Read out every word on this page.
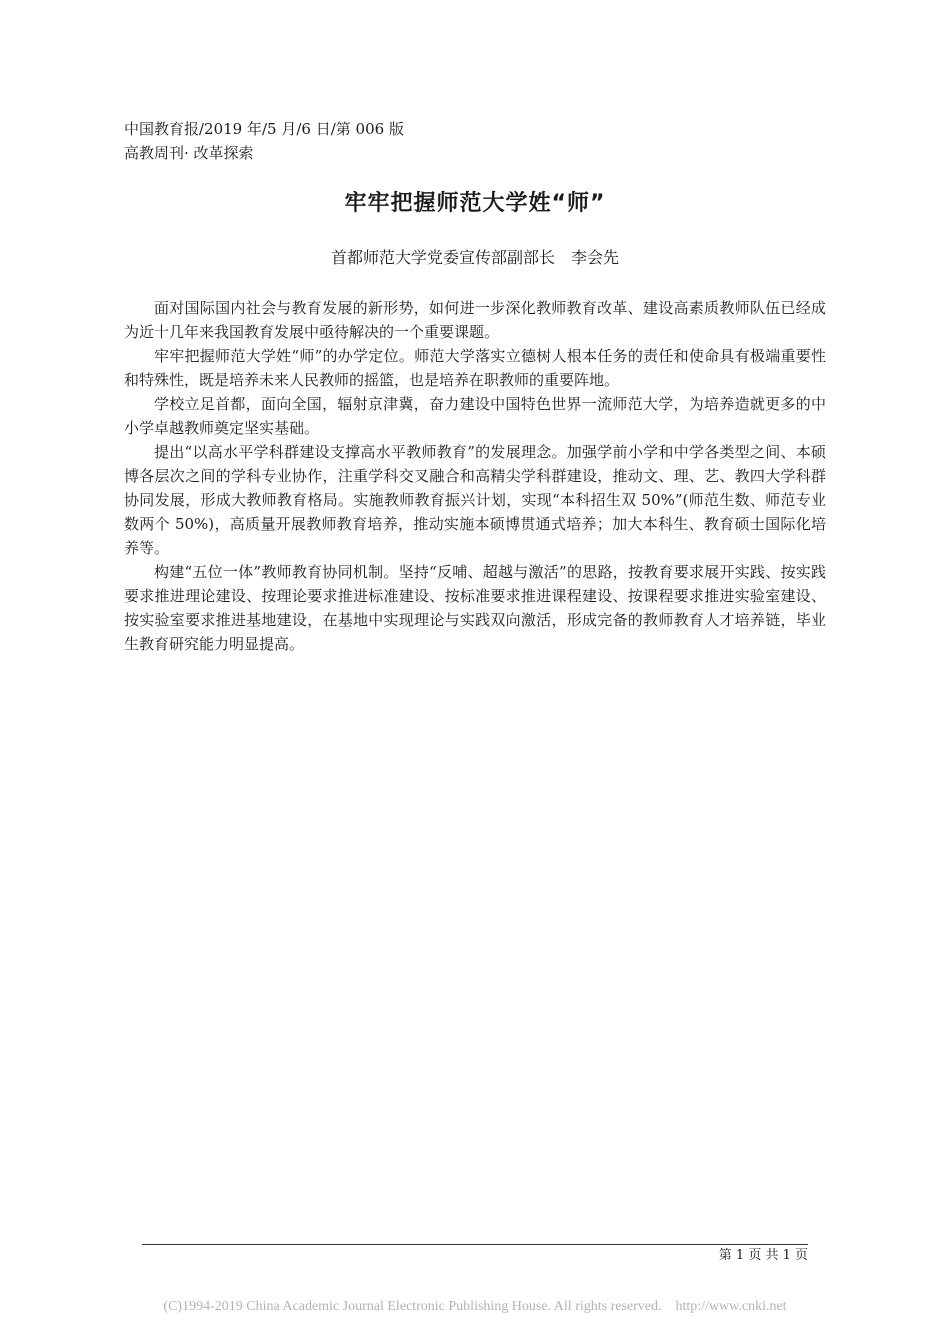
中国教育报/2019 年/5 月/6 日/第 006 版
高教周刊· 改革探索
牢牢把握师范大学姓“师”
首都师范大学党委宣传部副部长　李会先

面对国际国内社会与教育发展的新形势，如何进一步深化教师教育改革、建设高素质教师队伍已经成为近十几年来我国教育发展中亟待解决的一个重要课题。

牢牢把握师范大学姓“师”的办学定位。师范大学落实立德树人根本任务的责任和使命具有极端重要性和特殊性，既是培养未来人民教师的摇篮，也是培养在职教师的重要阵地。

学校立足首都，面向全国，辐射京津冀，奋力建设中国特色世界一流师范大学，为培养造就更多的中小学卓越教师奠定坚实基础。

提出“以高水平学科群建设支撑高水平教师教育”的发展理念。加强学前小学和中学各类型之间、本硕博各层次之间的学科专业协作，注重学科交叉融合和高精尖学科群建设，推动文、理、艺、教四大学科群协同发展，形成大教师教育格局。实施教师教育振兴计划，实现“本科招生双 50%”(师范生数、师范专业数两个 50%)，高质量开展教师教育培养，推动实施本硕博贯通式培养；加大本科生、教育硕士国际化培养等。

构建“五位一体”教师教育协同机制。坚持“反哺、超越与激活”的思路，按教育要求展开实践、按实践要求推进理论建设、按理论要求推进标准建设、按标准要求推进课程建设、按课程要求推进实验室建设、按实验室要求推进基地建设，在基地中实现理论与实践双向激活，形成完备的教师教育人才培养链，毕业生教育研究能力明显提高。

第 1 页 共 1 页
(C)1994-2019 China Academic Journal Electronic Publishing House. All rights reserved.    http://www.cnki.net
